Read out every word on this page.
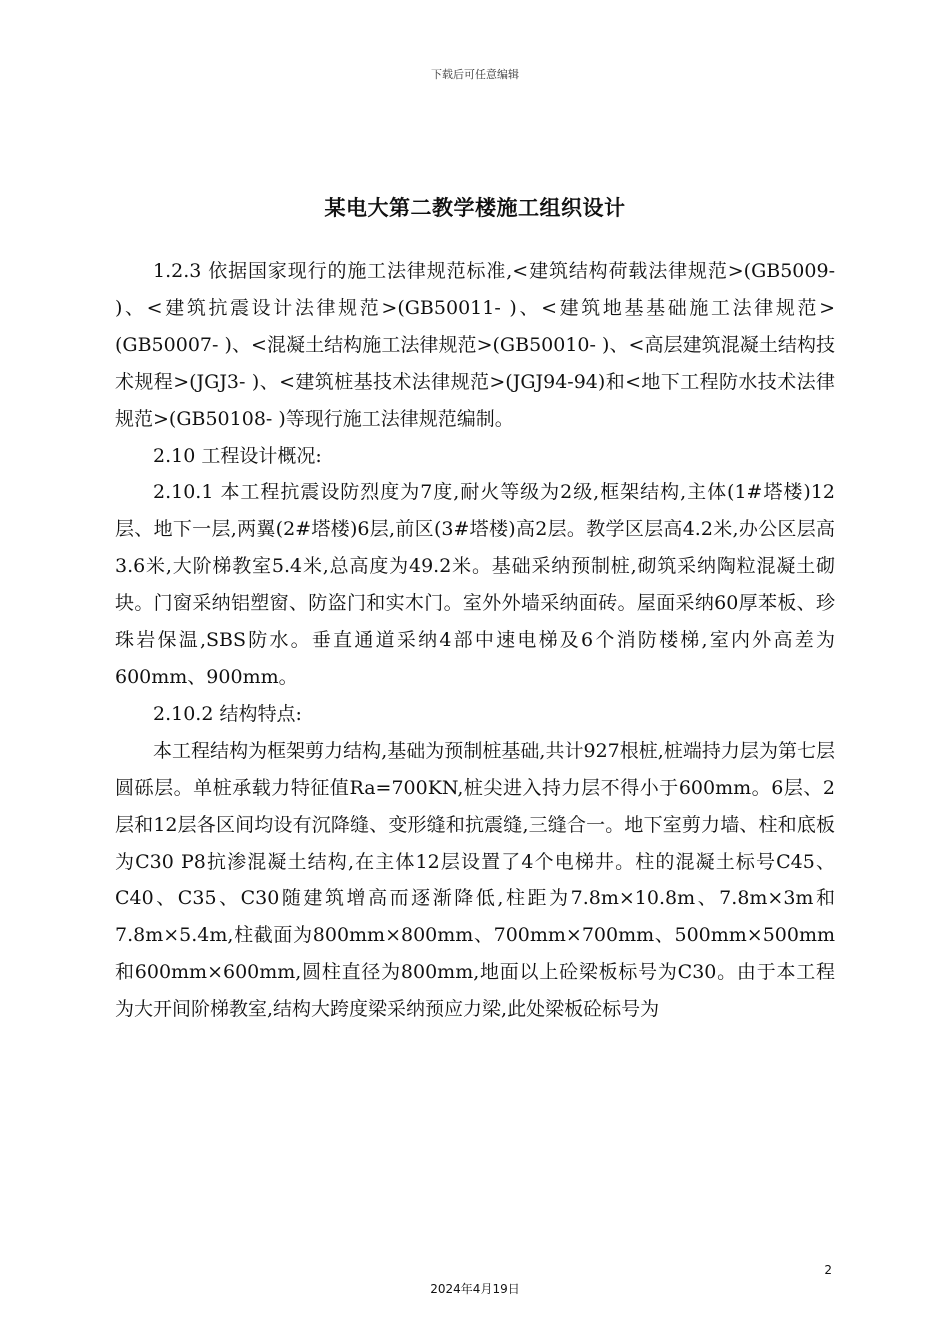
下载后可任意编辑
某电大第二教学楼施工组织设计

1.2.3 依据国家现行的施工法律规范标准,<建筑结构荷载法律规范>(GB5009- )、<建筑抗震设计法律规范>(GB50011- )、<建筑地基基础施工法律规范>(GB50007- )、<混凝土结构施工法律规范>(GB50010- )、<高层建筑混凝土结构技术规程>(JGJ3- )、<建筑桩基技术法律规范>(JGJ94-94)和<地下工程防水技术法律规范>(GB50108- )等现行施工法律规范编制。

2.10 工程设计概况:

2.10.1 本工程抗震设防烈度为7度,耐火等级为2级,框架结构,主体(1#塔楼)12层、地下一层,两翼(2#塔楼)6层,前区(3#塔楼)高2层。教学区层高4.2米,办公区层高3.6米,大阶梯教室5.4米,总高度为49.2米。基础采纳预制桩,砌筑采纳陶粒混凝土砌块。门窗采纳铝塑窗、防盗门和实木门。室外外墙采纳面砖。屋面采纳60厚苯板、珍珠岩保温,SBS防水。垂直通道采纳4部中速电梯及6个消防楼梯,室内外高差为600mm、900mm。

2.10.2 结构特点:

本工程结构为框架剪力结构,基础为预制桩基础,共计927根桩,桩端持力层为第七层圆砾层。单桩承载力特征值Ra=700KN,桩尖进入持力层不得小于600mm。6层、2层和12层各区间均设有沉降缝、变形缝和抗震缝,三缝合一。地下室剪力墙、柱和底板为C30 P8抗渗混凝土结构,在主体12层设置了4个电梯井。柱的混凝土标号C45、C40、C35、C30随建筑增高而逐渐降低,柱距为7.8m×10.8m、7.8m×3m和7.8m×5.4m,柱截面为800mm×800mm、700mm×700mm、500mm×500mm和600mm×600mm,圆柱直径为800mm,地面以上砼梁板标号为C30。由于本工程为大开间阶梯教室,结构大跨度梁采纳预应力梁,此处梁板砼标号为

2
2024年4月19日
